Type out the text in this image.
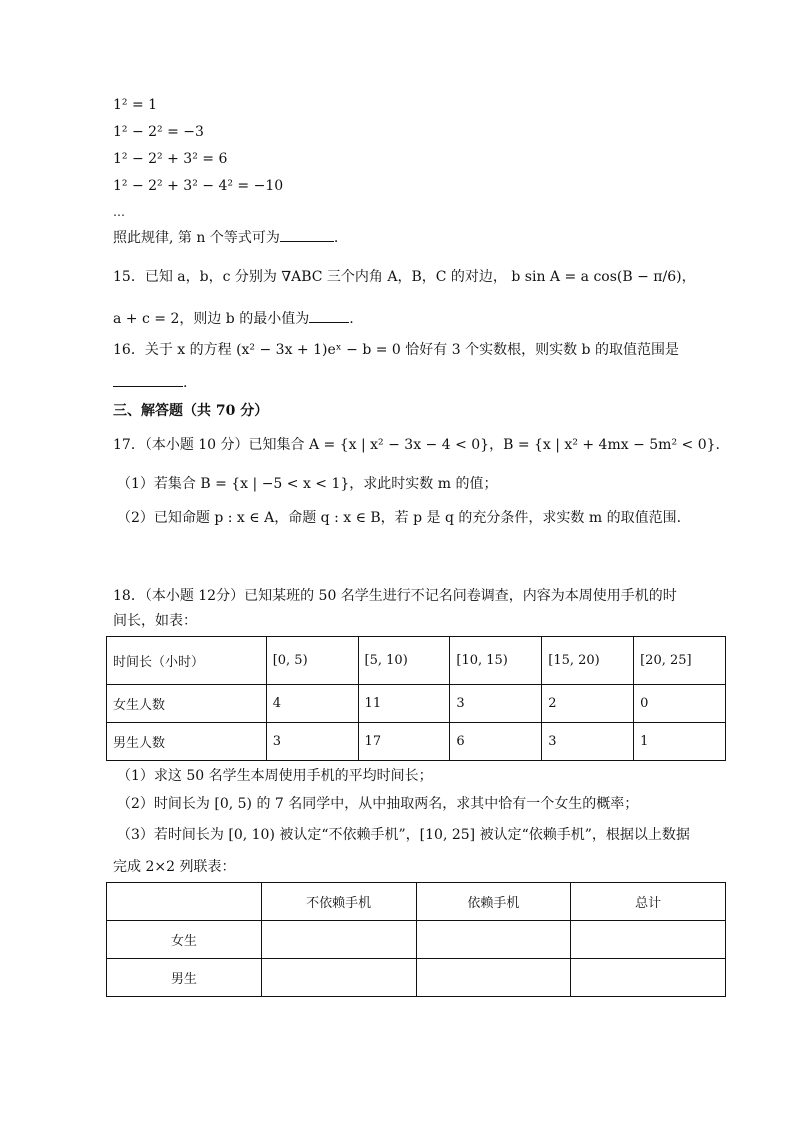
1² = 1
1² − 2² = −3
1² − 2² + 3² = 6
1² − 2² + 3² − 4² = −10
…
照此规律, 第 n 个等式可为	.
15．已知 a，b，c 分别为 ∇ABC 三个内角 A，B，C 的对边， b sin A = a cos(B − π/6)，
a + c = 2，则边 b 的最小值为	.
16．关于 x 的方程 (x² − 3x + 1)eˣ − b = 0 恰好有 3 个实数根，则实数 b 的取值范围是
.
三、解答题（共 70 分）
17．（本小题 10 分）已知集合 A = {x | x² − 3x − 4 < 0}，B = {x | x² + 4mx − 5m² < 0}.
（1）若集合 B = {x | −5 < x < 1}，求此时实数 m 的值；
（2）已知命题 p : x ∈ A，命题 q : x ∈ B，若 p 是 q 的充分条件，求实数 m 的取值范围.
18．（本小题 12分）已知某班的 50 名学生进行不记名问卷调查，内容为本周使用手机的时
间长，如表：
时间长（小时）	[0, 5)	[5, 10)	[10, 15)	[15, 20)	[20, 25]
女生人数	4	11	3	2	0
男生人数	3	17	6	3	1
（1）求这 50 名学生本周使用手机的平均时间长；
（2）时间长为 [0, 5) 的 7 名同学中，从中抽取两名，求其中恰有一个女生的概率；
（3）若时间长为 [0, 10) 被认定“不依赖手机”，[10, 25] 被认定“依赖手机”，根据以上数据
完成 2×2 列联表：
	不依赖手机	依赖手机	总计
女生			
男生			
